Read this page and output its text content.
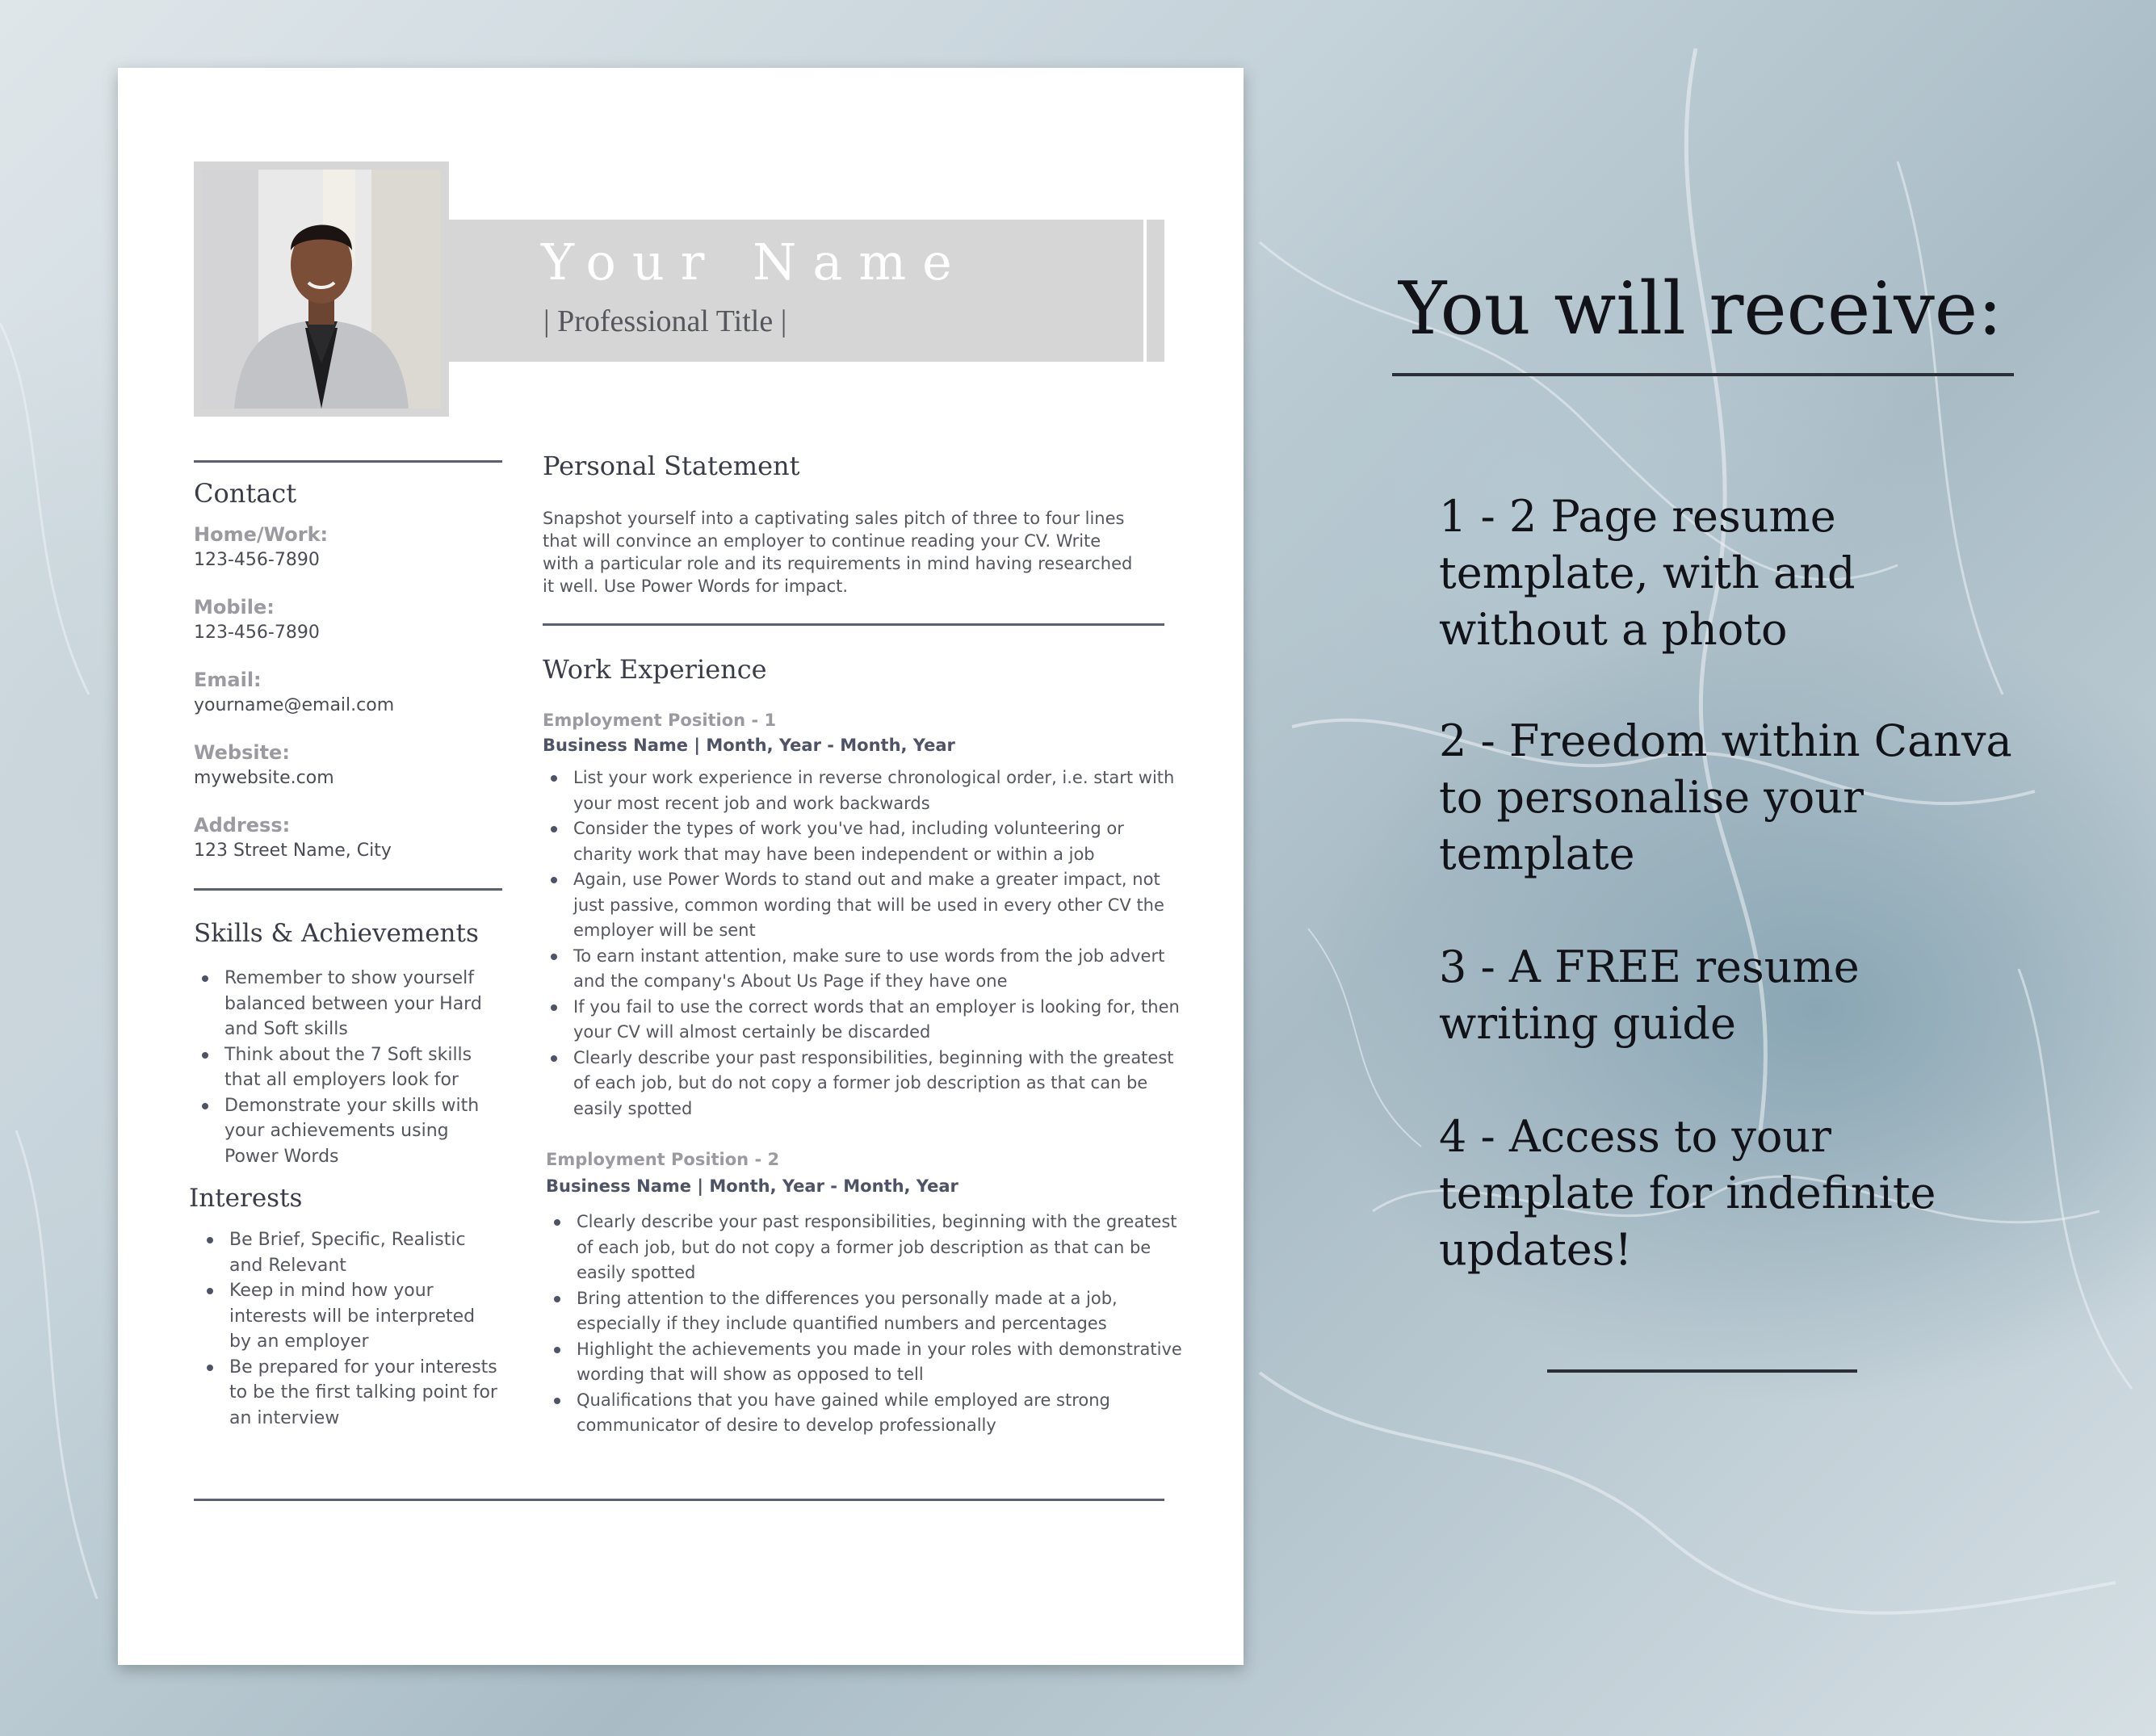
Your Name
| Professional Title |
Contact
Home/Work:
123-456-7890
Mobile:
123-456-7890
Email:
yourname@email.com
Website:
mywebsite.com
Address:
123 Street Name, City
Skills & Achievements
Remember to show yourself balanced between your Hard and Soft skills
Think about the 7 Soft skills that all employers look for
Demonstrate your skills with your achievements using Power Words
Interests
Be Brief, Specific, Realistic and Relevant
Keep in mind how your interests will be interpreted by an employer
Be prepared for your interests to be the first talking point for an interview
Personal Statement
Snapshot yourself into a captivating sales pitch of three to four lines that will convince an employer to continue reading your CV. Write with a particular role and its requirements in mind having researched it well. Use Power Words for impact.
Work Experience
Employment Position - 1
Business Name | Month, Year - Month, Year
List your work experience in reverse chronological order, i.e. start with your most recent job and work backwards
Consider the types of work you've had, including volunteering or charity work that may have been independent or within a job
Again, use Power Words to stand out and make a greater impact, not just passive, common wording that will be used in every other CV the employer will be sent
To earn instant attention, make sure to use words from the job advert and the company's About Us Page if they have one
If you fail to use the correct words that an employer is looking for, then your CV will almost certainly be discarded
Clearly describe your past responsibilities, beginning with the greatest of each job, but do not copy a former job description as that can be easily spotted
Employment Position - 2
Business Name | Month, Year - Month, Year
Clearly describe your past responsibilities, beginning with the greatest of each job, but do not copy a former job description as that can be easily spotted
Bring attention to the differences you personally made at a job, especially if they include quantified numbers and percentages
Highlight the achievements you made in your roles with demonstrative wording that will show as opposed to tell
Qualifications that you have gained while employed are strong communicator of desire to develop professionally
You will receive:
1 - 2 Page resume template, with and without a photo
2 - Freedom within Canva to personalise your template
3 - A FREE resume writing guide
4 - Access to your template for indefinite updates!
